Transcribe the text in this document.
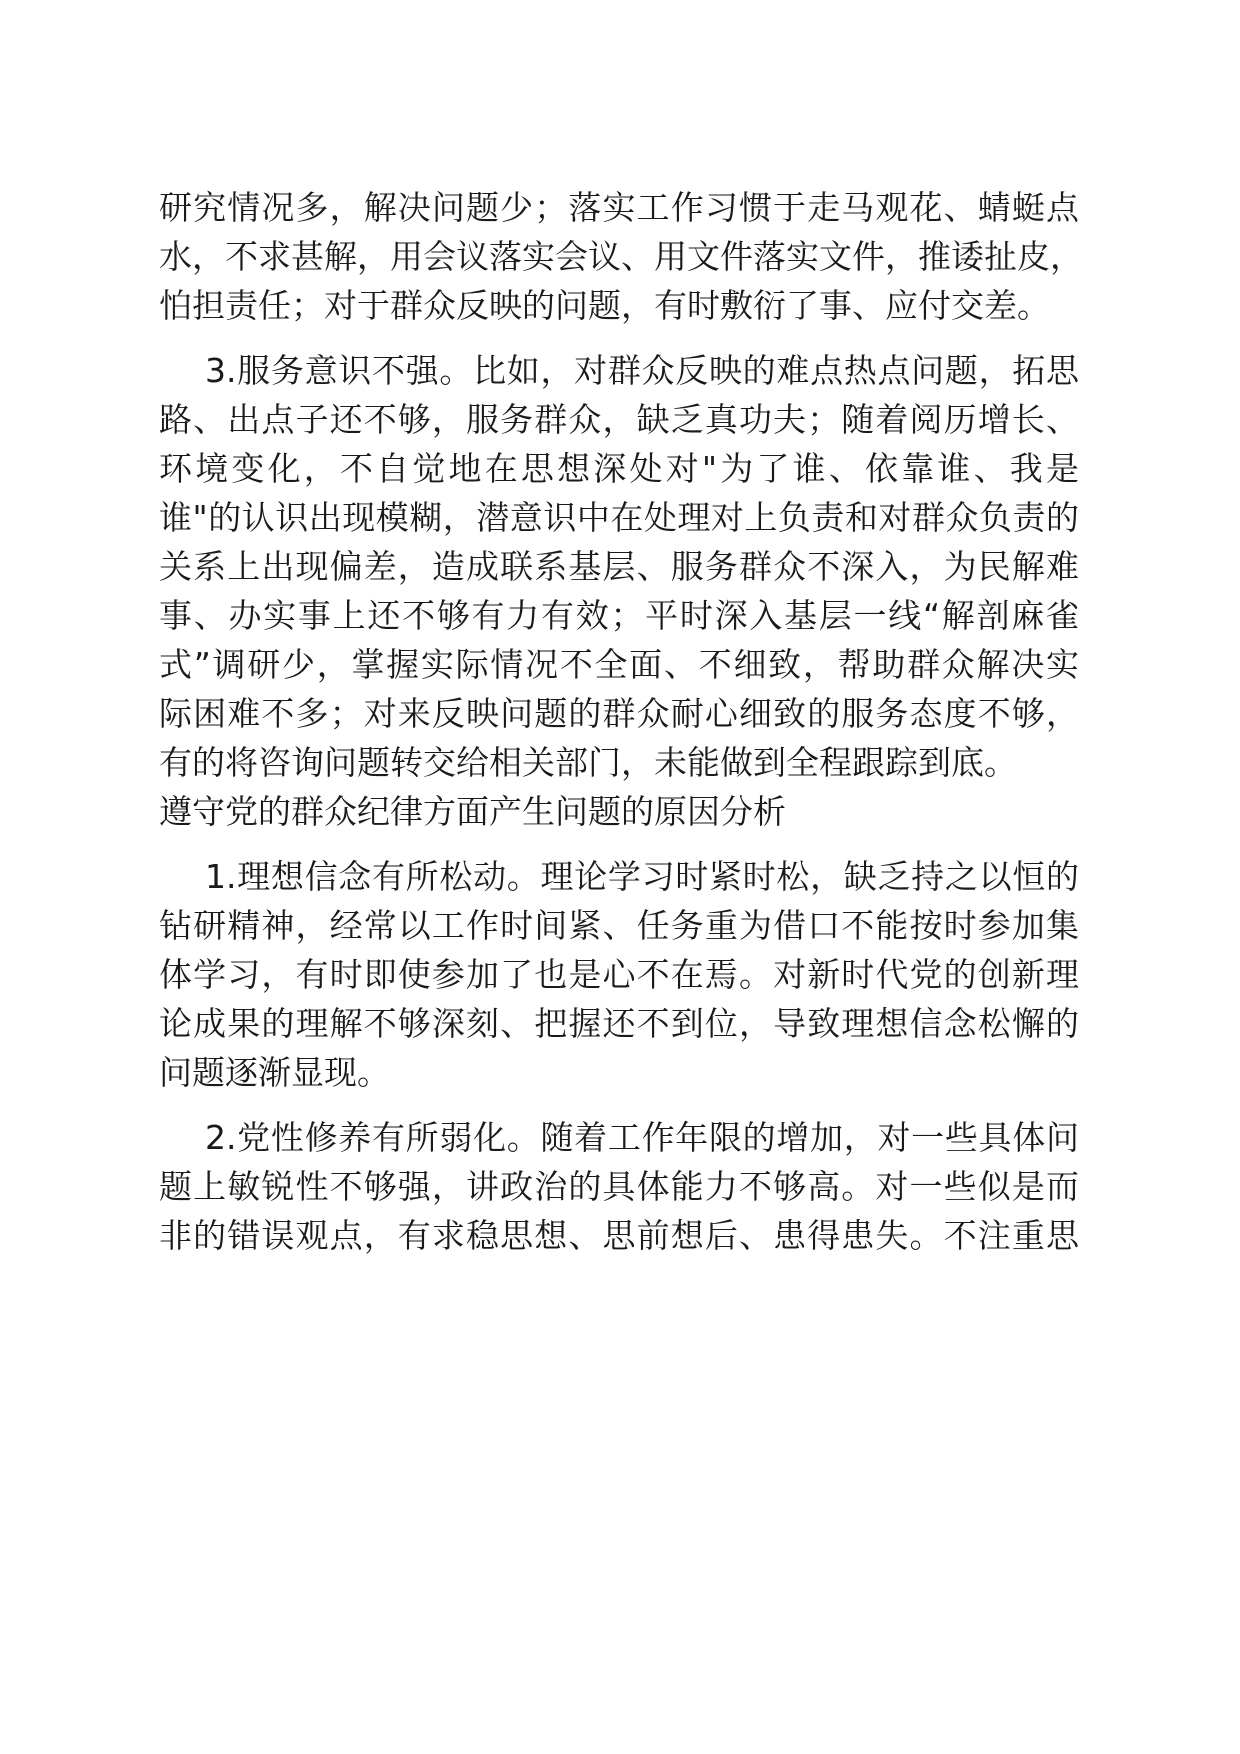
研究情况多，解决问题少；落实工作习惯于走马观花、蜻蜓点
水，不求甚解，用会议落实会议、用文件落实文件，推诿扯皮，
怕担责任；对于群众反映的问题，有时敷衍了事、应付交差。
3.服务意识不强。比如，对群众反映的难点热点问题，拓思
路、出点子还不够，服务群众，缺乏真功夫；随着阅历增长、
环境变化，不自觉地在思想深处对"为了谁、依靠谁、我是
谁"的认识出现模糊，潜意识中在处理对上负责和对群众负责的
关系上出现偏差，造成联系基层、服务群众不深入，为民解难
事、办实事上还不够有力有效；平时深入基层一线“解剖麻雀
式”调研少，掌握实际情况不全面、不细致，帮助群众解决实
际困难不多；对来反映问题的群众耐心细致的服务态度不够，
有的将咨询问题转交给相关部门，未能做到全程跟踪到底。
遵守党的群众纪律方面产生问题的原因分析
1.理想信念有所松动。理论学习时紧时松，缺乏持之以恒的
钻研精神，经常以工作时间紧、任务重为借口不能按时参加集
体学习，有时即使参加了也是心不在焉。对新时代党的创新理
论成果的理解不够深刻、把握还不到位，导致理想信念松懈的
问题逐渐显现。
2.党性修养有所弱化。随着工作年限的增加，对一些具体问
题上敏锐性不够强，讲政治的具体能力不够高。对一些似是而
非的错误观点，有求稳思想、思前想后、患得患失。不注重思
